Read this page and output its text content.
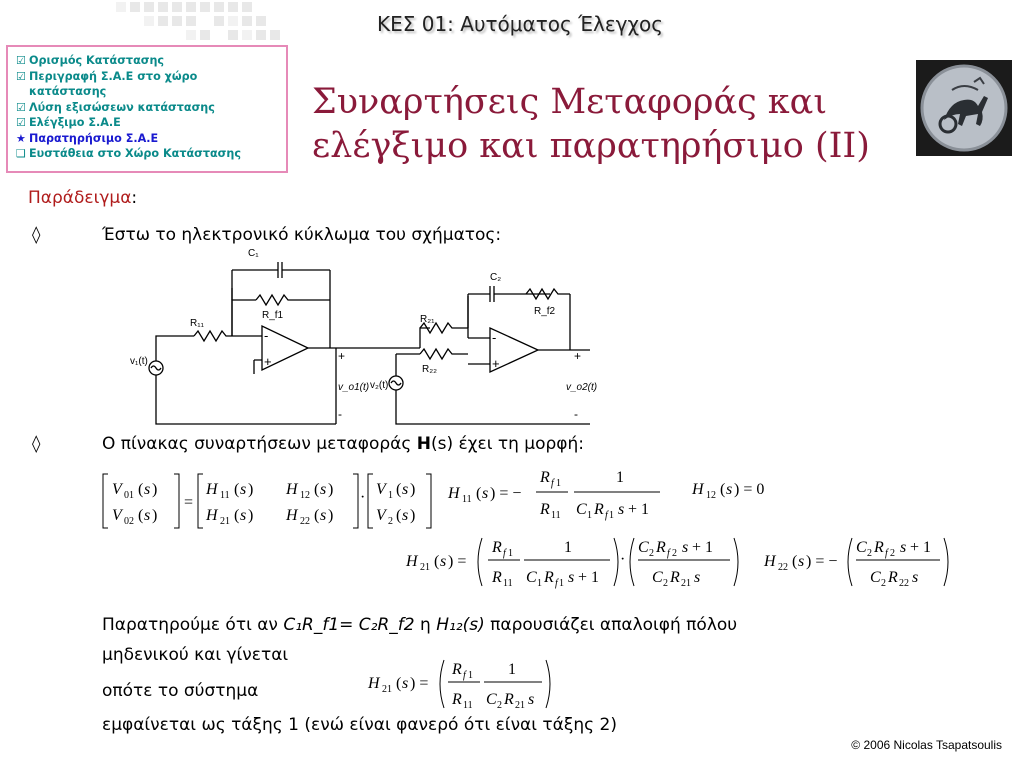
ΚΕΣ 01: Αυτόματος Έλεγχος
☑ Ορισμός Κατάστασης
☑ Περιγραφή Σ.Α.Ε στο χώρο κατάστασης
☑ Λύση εξισώσεων κατάστασης
☑ Ελέγξιμο Σ.Α.Ε
★ Παρατηρήσιμο Σ.Α.Ε
❑ Ευστάθεια στο Χώρο Κατάστασης
Συναρτήσεις Μεταφοράς και
ελέγξιμο και παρατηρήσιμο (ΙΙ)
Παράδειγμα:
◊	Έστω το ηλεκτρονικό κύκλωμα του σχήματος:
C₁
R_f1
R₁₁
v₁(t)
v_o1(t)
R₂₁
R₂₂
v₂(t)
C₂
R_f2
v_o2(t)
-
+
-
+
+
-
+
-
◊	Ο πίνακας συναρτήσεων μεταφοράς H(s) έχει τη μορφή:
V 01 ( s )
V 02 ( s )
=
H 11 ( s ) H 12 ( s )
H 21 ( s ) H 22 ( s )
· V 1 ( s )
V 2 ( s )
H 11 ( s ) = −
R f 1
R 11
1
C 1 R f 1 s + 1
H 12 ( s ) = 0
H 21 ( s ) =
R f 1
R 11
1
C 1 R f 1 s + 1
·
C 2 R f 2 s + 1
C 2 R 21 s
H 22 ( s ) = −
C 2 R f 2 s + 1
C 2 R 22 s
H 21 ( s ) =
R f 1
R 11
1
C 2 R 21 s
Παρατηρούμε ότι αν C₁R_f1= C₂R_f2 η H₁₂(s) παρουσιάζει απαλοιφή πόλου
μηδενικού και γίνεται
οπότε το σύστημα
εμφαίνεται ως τάξης 1 (ενώ είναι φανερό ότι είναι τάξης 2)
© 2006 Nicolas Tsapatsoulis
